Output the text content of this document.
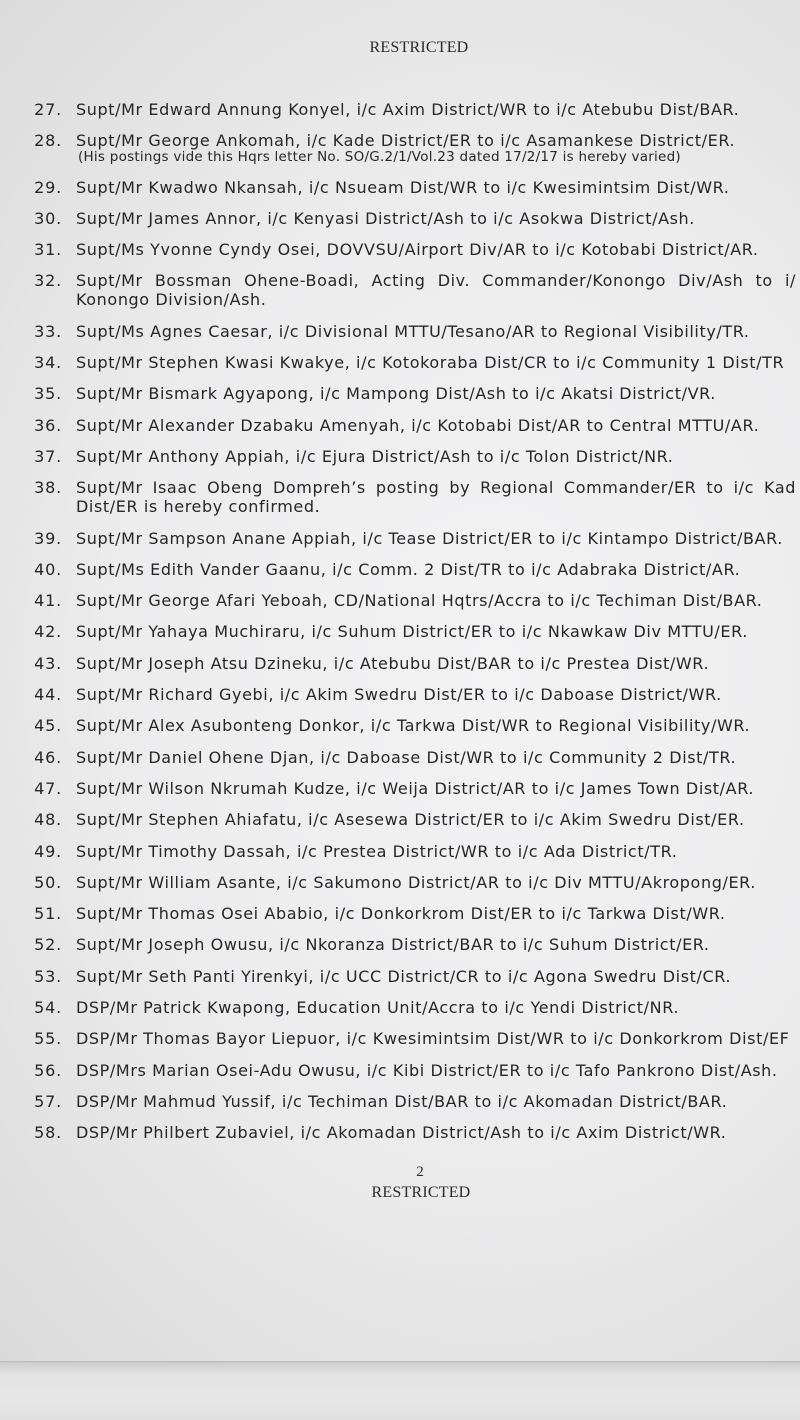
RESTRICTED
27. Supt/Mr Edward Annung Konyel, i/c Axim District/WR to i/c Atebubu Dist/BAR.
28. Supt/Mr George Ankomah, i/c Kade District/ER to i/c Asamankese District/ER.
(His postings vide this Hqrs letter No. SO/G.2/1/Vol.23 dated 17/2/17 is hereby varied)
29. Supt/Mr Kwadwo Nkansah, i/c Nsueam Dist/WR to i/c Kwesimintsim Dist/WR.
30. Supt/Mr James Annor, i/c Kenyasi District/Ash to i/c Asokwa District/Ash.
31. Supt/Ms Yvonne Cyndy Osei, DOVVSU/Airport Div/AR to i/c Kotobabi District/AR.
32. Supt/Mr Bossman Ohene-Boadi, Acting Div. Commander/Konongo Div/Ash to i/
Konongo Division/Ash.
33. Supt/Ms Agnes Caesar, i/c Divisional MTTU/Tesano/AR to Regional Visibility/TR.
34. Supt/Mr Stephen Kwasi Kwakye, i/c Kotokoraba Dist/CR to i/c Community 1 Dist/TR
35. Supt/Mr Bismark Agyapong, i/c Mampong Dist/Ash to i/c Akatsi District/VR.
36. Supt/Mr Alexander Dzabaku Amenyah, i/c Kotobabi Dist/AR to Central MTTU/AR.
37. Supt/Mr Anthony Appiah, i/c Ejura District/Ash to i/c Tolon District/NR.
38. Supt/Mr Isaac Obeng Dompreh’s posting by Regional Commander/ER to i/c Kad
Dist/ER is hereby confirmed.
39. Supt/Mr Sampson Anane Appiah, i/c Tease District/ER to i/c Kintampo District/BAR.
40. Supt/Ms Edith Vander Gaanu, i/c Comm. 2 Dist/TR to i/c Adabraka District/AR.
41. Supt/Mr George Afari Yeboah, CD/National Hqtrs/Accra to i/c Techiman Dist/BAR.
42. Supt/Mr Yahaya Muchiraru, i/c Suhum District/ER to i/c Nkawkaw Div MTTU/ER.
43. Supt/Mr Joseph Atsu Dzineku, i/c Atebubu Dist/BAR to i/c Prestea Dist/WR.
44. Supt/Mr Richard Gyebi, i/c Akim Swedru Dist/ER to i/c Daboase District/WR.
45. Supt/Mr Alex Asubonteng Donkor, i/c Tarkwa Dist/WR to Regional Visibility/WR.
46. Supt/Mr Daniel Ohene Djan, i/c Daboase Dist/WR to i/c Community 2 Dist/TR.
47. Supt/Mr Wilson Nkrumah Kudze, i/c Weija District/AR to i/c James Town Dist/AR.
48. Supt/Mr Stephen Ahiafatu, i/c Asesewa District/ER to i/c Akim Swedru Dist/ER.
49. Supt/Mr Timothy Dassah, i/c Prestea District/WR to i/c Ada District/TR.
50. Supt/Mr William Asante, i/c Sakumono District/AR to i/c Div MTTU/Akropong/ER.
51. Supt/Mr Thomas Osei Ababio, i/c Donkorkrom Dist/ER to i/c Tarkwa Dist/WR.
52. Supt/Mr Joseph Owusu, i/c Nkoranza District/BAR to i/c Suhum District/ER.
53. Supt/Mr Seth Panti Yirenkyi, i/c UCC District/CR to i/c Agona Swedru Dist/CR.
54. DSP/Mr Patrick Kwapong, Education Unit/Accra to i/c Yendi District/NR.
55. DSP/Mr Thomas Bayor Liepuor, i/c Kwesimintsim Dist/WR to i/c Donkorkrom Dist/EF
56. DSP/Mrs Marian Osei-Adu Owusu, i/c Kibi District/ER to i/c Tafo Pankrono Dist/Ash.
57. DSP/Mr Mahmud Yussif, i/c Techiman Dist/BAR to i/c Akomadan District/BAR.
58. DSP/Mr Philbert Zubaviel, i/c Akomadan District/Ash to i/c Axim District/WR.
2
RESTRICTED
